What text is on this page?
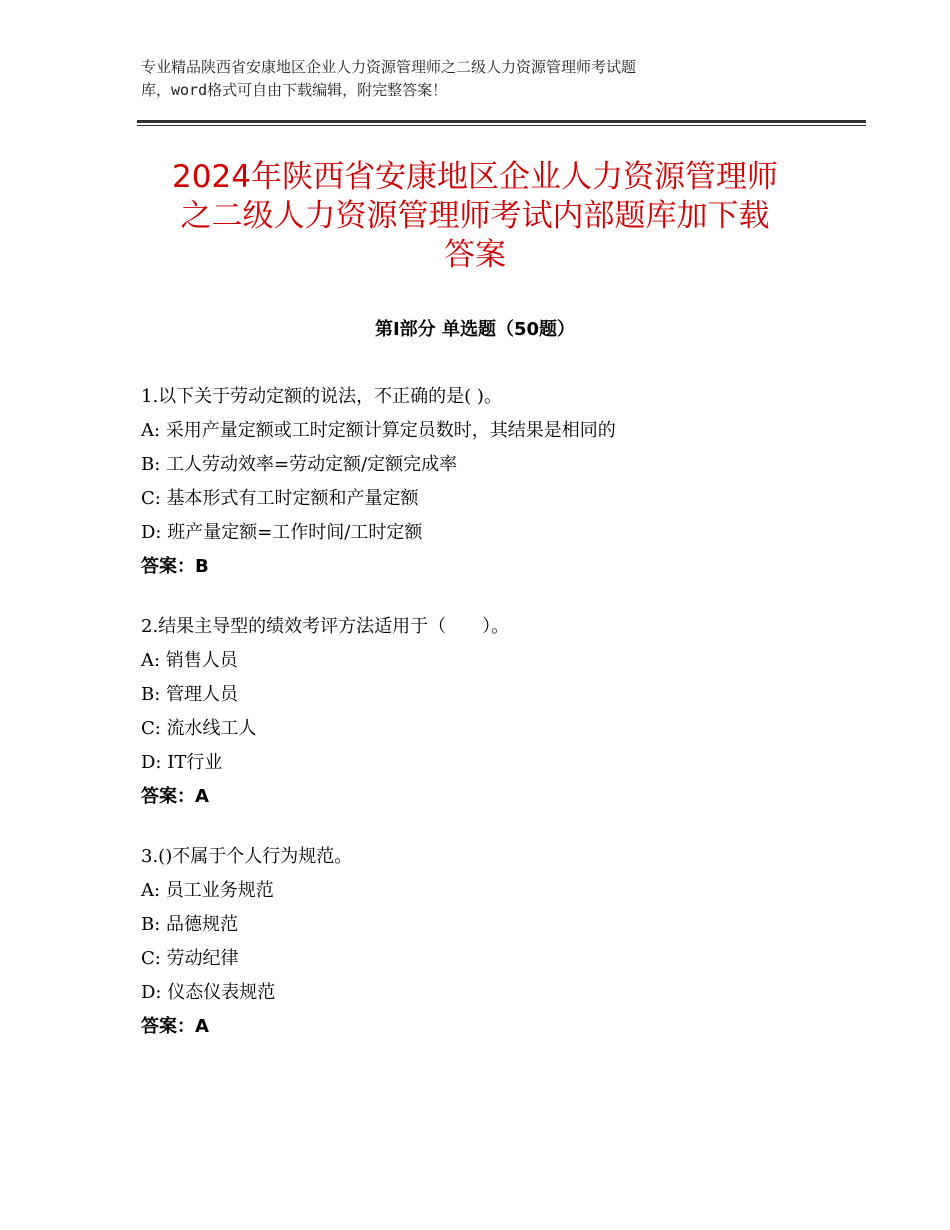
专业精品陕西省安康地区企业人力资源管理师之二级人力资源管理师考试题
库，word格式可自由下载编辑，附完整答案！
2024年陕西省安康地区企业人力资源管理师
之二级人力资源管理师考试内部题库加下载
答案
第Ⅰ部分 单选题（50题）
1.以下关于劳动定额的说法，不正确的是( )。
A: 采用产量定额或工时定额计算定员数时，其结果是相同的
B: 工人劳动效率=劳动定额/定额完成率
C: 基本形式有工时定额和产量定额
D: 班产量定额=工作时间/工时定额
答案：B
2.结果主导型的绩效考评方法适用于（　　）。
A: 销售人员
B: 管理人员
C: 流水线工人
D: IT行业
答案：A
3.()不属于个人行为规范。
A: 员工业务规范
B: 品德规范
C: 劳动纪律
D: 仪态仪表规范
答案：A
